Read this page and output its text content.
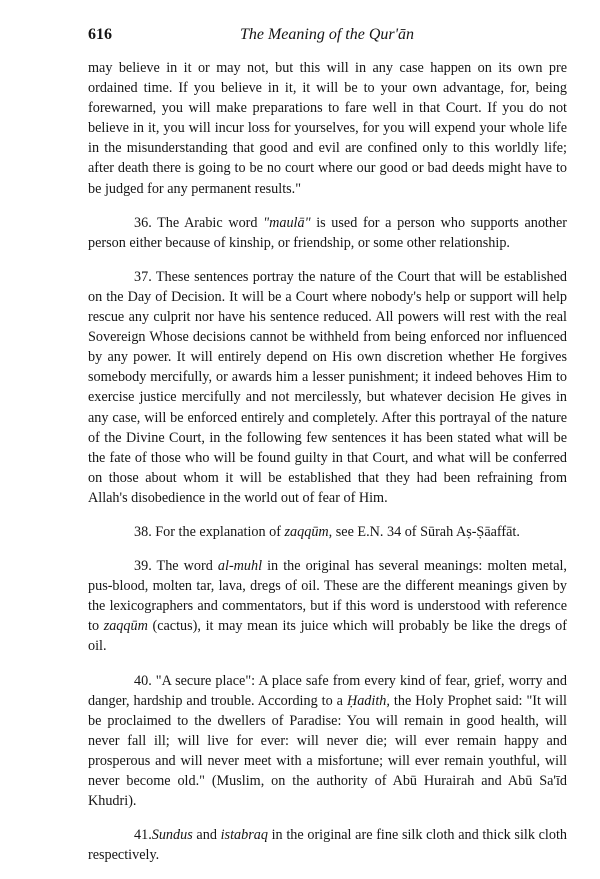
616	The Meaning of the Qur'ān

may believe in it or may not, but this will in any case happen on its own pre ordained time. If you believe in it, it will be to your own advantage, for, being forewarned, you will make preparations to fare well in that Court. If you do not believe in it, you will incur loss for yourselves, for you will expend your whole life in the misunderstanding that good and evil are confined only to this worldly life; after death there is going to be no court where our good or bad deeds might have to be judged for any permanent results."

36. The Arabic word "maulā" is used for a person who supports another person either because of kinship, or friendship, or some other relationship.

37. These sentences portray the nature of the Court that will be established on the Day of Decision. It will be a Court where nobody's help or support will help rescue any culprit nor have his sentence reduced. All powers will rest with the real Sovereign Whose decisions cannot be withheld from being enforced nor influenced by any power. It will entirely depend on His own discretion whether He forgives somebody mercifully, or awards him a lesser punishment; it indeed behoves Him to exercise justice mercifully and not mercilessly, but whatever decision He gives in any case, will be enforced entirely and completely. After this portrayal of the nature of the Divine Court, in the following few sentences it has been stated what will be the fate of those who will be found guilty in that Court, and what will be conferred on those about whom it will be established that they had been refraining from Allah's disobedience in the world out of fear of Him.

38. For the explanation of zaqqūm, see E.N. 34 of Sūrah Aṣ-Ṣāaffāt.

39. The word al-muhl in the original has several meanings: molten metal, pus-blood, molten tar, lava, dregs of oil. These are the different meanings given by the lexicographers and commentators, but if this word is understood with reference to zaqqūm (cactus), it may mean its juice which will probably be like the dregs of oil.

40. "A secure place": A place safe from every kind of fear, grief, worry and danger, hardship and trouble. According to a Ḥadith, the Holy Prophet said: "It will be proclaimed to the dwellers of Paradise: You will remain in good health, will never fall ill; will live for ever: will never die; will ever remain happy and prosperous and will never meet with a misfortune; will ever remain youthful, will never become old." (Muslim, on the authority of Abū Hurairah and Abū Sa'īd Khudri).

41.Sundus and istabraq in the original are fine silk cloth and thick silk cloth respectively.
